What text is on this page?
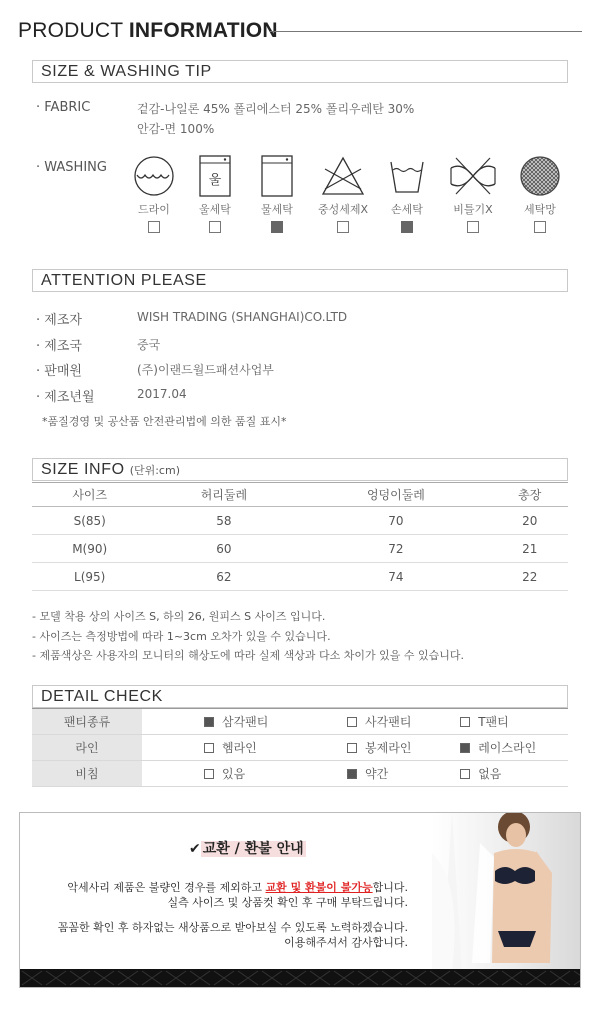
PRODUCT INFORMATION
SIZE & WASHING TIP
· FABRIC	겉감-나일론 45% 폴리에스터 25% 폴리우레탄 30%
안감-면 100%
· WASHING
드라이
울
울세탁	물세탁	중성세제X	손세탁	비틀기X	세탁망
ATTENTION PLEASE
· 제조자	WISH TRADING (SHANGHAI)CO.LTD
· 제조국	중국
· 판매원	(주)이랜드월드패션사업부
· 제조년월	2017.04
*품질경영 및 공산품 안전관리법에 의한 품질 표시*
SIZE INFO (단위:cm)
사이즈	허리둘레	엉덩이둘레	총장
S(85)	58	70	20
M(90)	60	72	21
L(95)	62	74	22
- 모델 착용 상의 사이즈 S, 하의 26, 원피스 S 사이즈 입니다.
- 사이즈는 측정방법에 따라 1~3cm 오차가 있을 수 있습니다.
- 제품색상은 사용자의 모니터의 해상도에 따라 실제 색상과 다소 차이가 있을 수 있습니다.
DETAIL CHECK
팬티종류	삼각팬티	사각팬티	T팬티

라인	헴라인	봉제라인	레이스라인

비침	있음	약간	없음
✔ 교환 / 환불 안내
악세사리 제품은 불량인 경우를 제외하고 교환 및 환불이 불가능합니다.
실측 사이즈 및 상품컷 확인 후 구매 부탁드립니다.
꼼꼼한 확인 후 하자없는 새상품으로 받아보실 수 있도록 노력하겠습니다.
이용해주셔서 감사합니다.
